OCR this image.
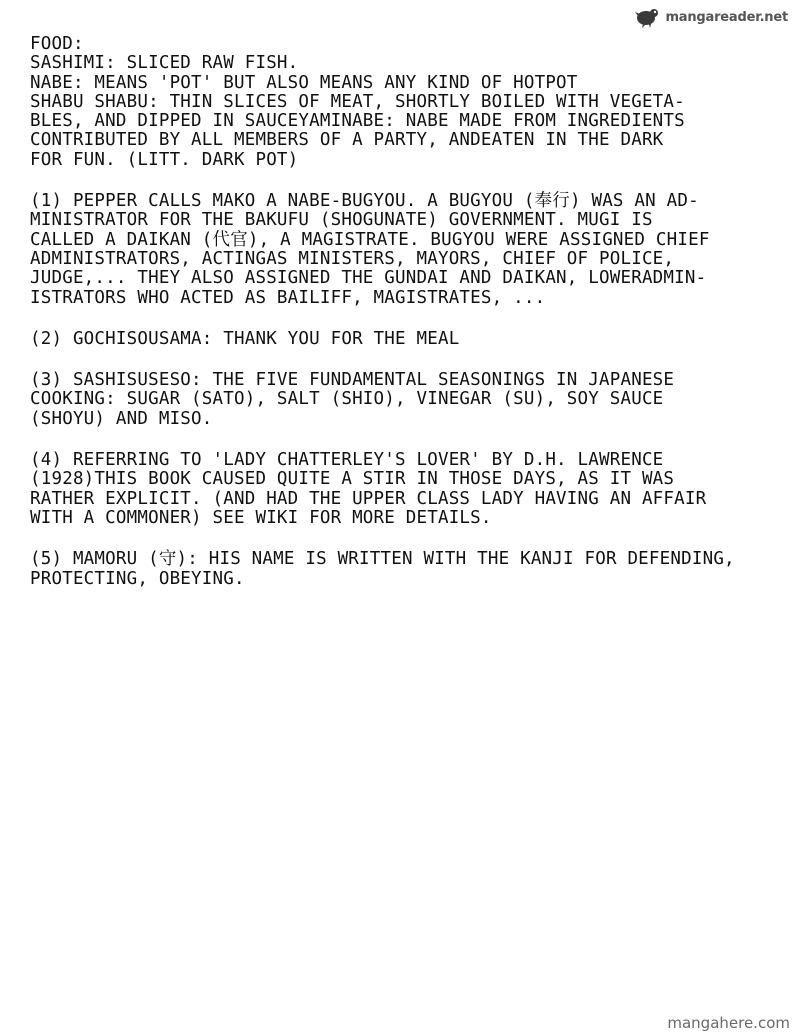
mangareader.net
FOOD:
SASHIMI: SLICED RAW FISH.
NABE: MEANS 'POT' BUT ALSO MEANS ANY KIND OF HOTPOT
SHABU SHABU: THIN SLICES OF MEAT, SHORTLY BOILED WITH VEGETA-
BLES, AND DIPPED IN SAUCEYAMINABE: NABE MADE FROM INGREDIENTS
CONTRIBUTED BY ALL MEMBERS OF A PARTY, ANDEATEN IN THE DARK
FOR FUN. (LITT. DARK POT)
(1) PEPPER CALLS MAKO A NABE-BUGYOU. A BUGYOU (奉行) WAS AN AD-
MINISTRATOR FOR THE BAKUFU (SHOGUNATE) GOVERNMENT. MUGI IS
CALLED A DAIKAN (代官), A MAGISTRATE. BUGYOU WERE ASSIGNED CHIEF
ADMINISTRATORS, ACTINGAS MINISTERS, MAYORS, CHIEF OF POLICE,
JUDGE,... THEY ALSO ASSIGNED THE GUNDAI AND DAIKAN, LOWERADMIN-
ISTRATORS WHO ACTED AS BAILIFF, MAGISTRATES, ...
(2) GOCHISOUSAMA: THANK YOU FOR THE MEAL
(3) SASHISUSESO: THE FIVE FUNDAMENTAL SEASONINGS IN JAPANESE
COOKING: SUGAR (SATO), SALT (SHIO), VINEGAR (SU), SOY SAUCE
(SHOYU) AND MISO.
(4) REFERRING TO 'LADY CHATTERLEY'S LOVER' BY D.H. LAWRENCE
(1928)THIS BOOK CAUSED QUITE A STIR IN THOSE DAYS, AS IT WAS
RATHER EXPLICIT. (AND HAD THE UPPER CLASS LADY HAVING AN AFFAIR
WITH A COMMONER) SEE WIKI FOR MORE DETAILS.
(5) MAMORU (守): HIS NAME IS WRITTEN WITH THE KANJI FOR DEFENDING,
PROTECTING, OBEYING.
mangahere.com
